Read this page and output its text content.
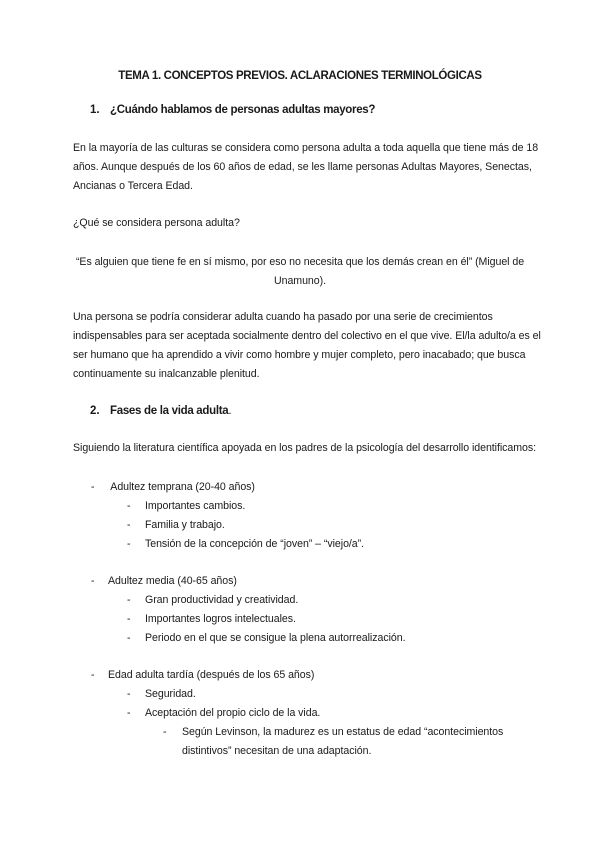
TEMA 1. CONCEPTOS PREVIOS. ACLARACIONES TERMINOLÓGICAS
1. ¿Cuándo hablamos de personas adultas mayores?
En la mayoría de las culturas se considera como persona adulta a toda aquella que tiene más de 18
años. Aunque después de los 60 años de edad, se les llame personas Adultas Mayores, Senectas,
Ancianas o Tercera Edad.
¿Qué se considera persona adulta?
“Es alguien que tiene fe en sí mismo, por eso no necesita que los demás crean en él” (Miguel de
Unamuno).
Una persona se podría considerar adulta cuando ha pasado por una serie de crecimientos
indispensables para ser aceptada socialmente dentro del colectivo en el que vive. El/la adulto/a es el
ser humano que ha aprendido a vivir como hombre y mujer completo, pero inacabado; que busca
continuamente su inalcanzable plenitud.
2. Fases de la vida adulta.
Siguiendo la literatura científica apoyada en los padres de la psicología del desarrollo identificamos:
- Adultez temprana (20-40 años)
- Importantes cambios.
- Familia y trabajo.
- Tensión de la concepción de “joven” – “viejo/a”.
- Adultez media (40-65 años)
- Gran productividad y creatividad.
- Importantes logros intelectuales.
- Periodo en el que se consigue la plena autorrealización.
- Edad adulta tardía (después de los 65 años)
- Seguridad.
- Aceptación del propio ciclo de la vida.
- Según Levinson, la madurez es un estatus de edad “acontecimientos
distintivos” necesitan de una adaptación.
